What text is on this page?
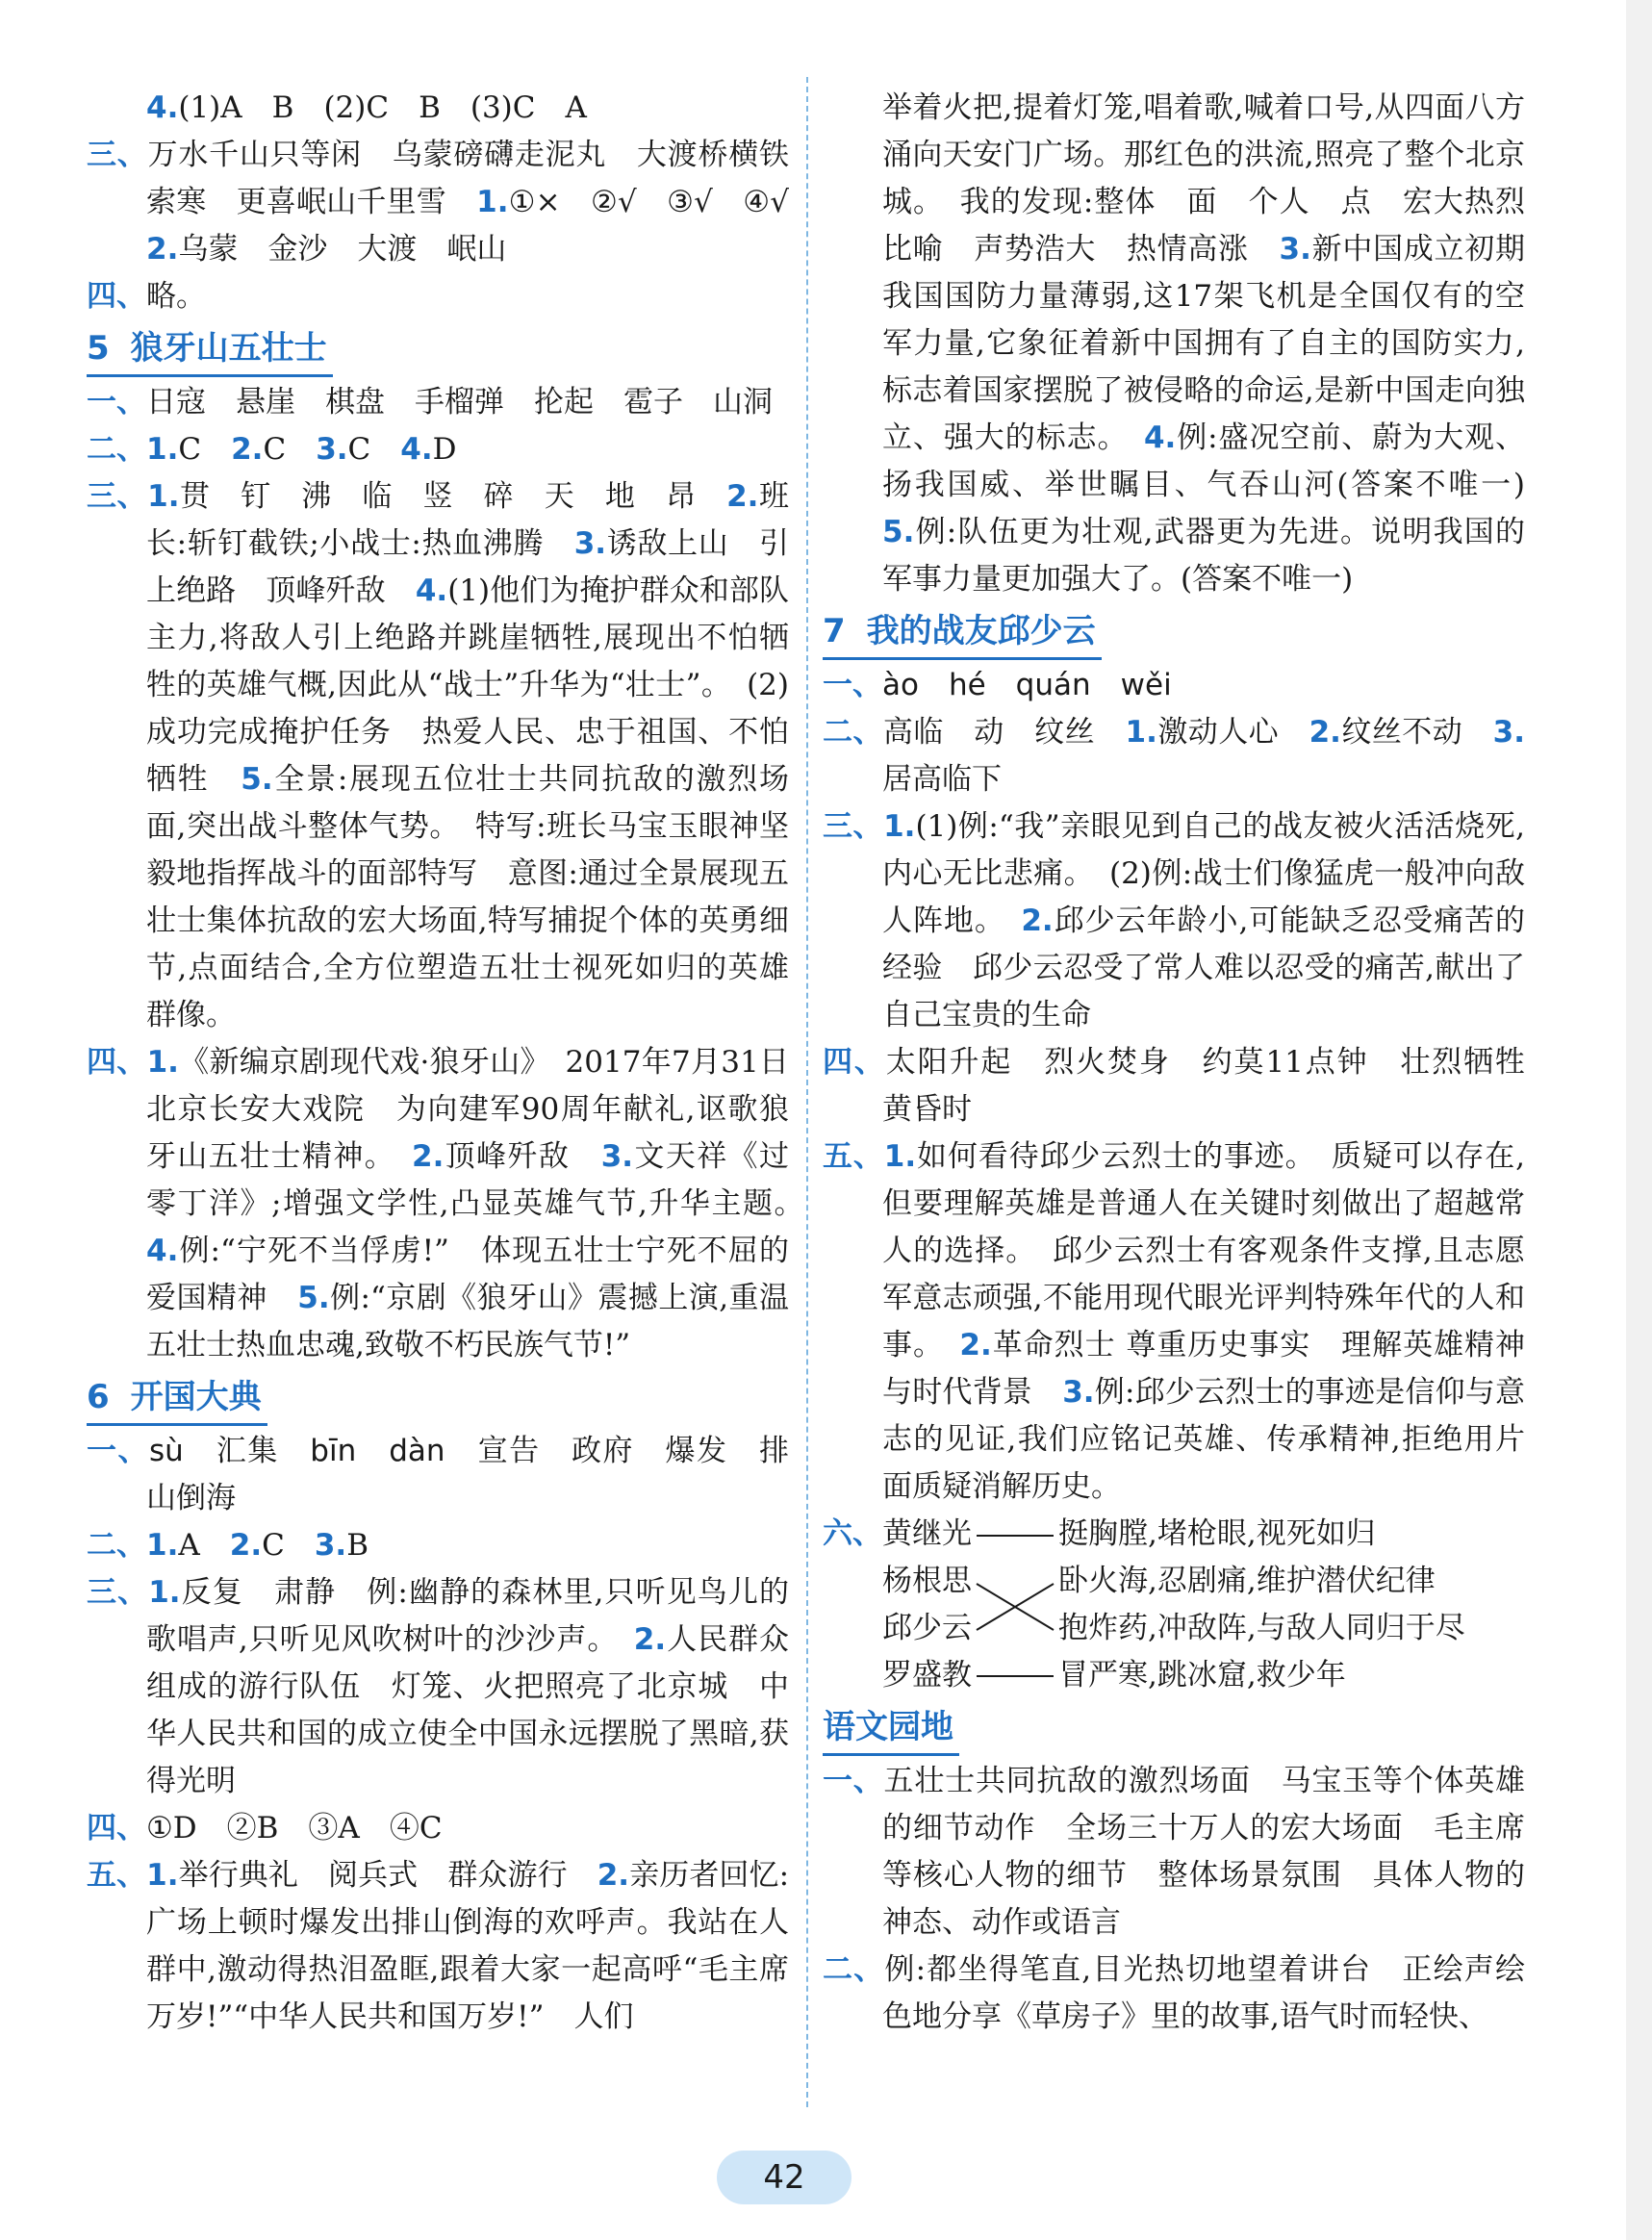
4.(1)A　B　(2)C　B　(3)C　A

三、万水千山只等闲　乌蒙磅礴走泥丸　大渡桥横铁索寒　更喜岷山千里雪　1.①×　②√　③√　④√　2.乌蒙　金沙　大渡　岷山

四、略。

5 狼牙山五壮士

一、日寇　悬崖　棋盘　手榴弹　抡起　雹子　山洞

二、1.C　2.C　3.C　4.D

三、1.贯　钉　沸　临　竖　碎　天　地　昂　2.班长:斩钉截铁;小战士:热血沸腾　3.诱敌上山　引上绝路　顶峰歼敌　4.(1)他们为掩护群众和部队主力,将敌人引上绝路并跳崖牺牲,展现出不怕牺牲的英雄气概,因此从“战士”升华为“壮士”。　(2)成功完成掩护任务　热爱人民、忠于祖国、不怕牺牲　5.全景:展现五位壮士共同抗敌的激烈场面,突出战斗整体气势。　特写:班长马宝玉眼神坚毅地指挥战斗的面部特写　意图:通过全景展现五壮士集体抗敌的宏大场面,特写捕捉个体的英勇细节,点面结合,全方位塑造五壮士视死如归的英雄群像。

四、1.《新编京剧现代戏·狼牙山》　2017年7月31日　北京长安大戏院　为向建军90周年献礼,讴歌狼牙山五壮士精神。　2.顶峰歼敌　3.文天祥《过零丁洋》;增强文学性,凸显英雄气节,升华主题。　4.例:“宁死不当俘虏!”　体现五壮士宁死不屈的爱国精神　5.例:“京剧《狼牙山》震撼上演,重温五壮士热血忠魂,致敬不朽民族气节!”

6 开国大典

一、sù　汇集　bīn　 dàn　宣告　政府　爆发　排山倒海

二、1.A　2.C　3.B

三、1.反复　肃静　例:幽静的森林里,只听见鸟儿的歌唱声,只听见风吹树叶的沙沙声。　2.人民群众组成的游行队伍　灯笼、火把照亮了北京城　中华人民共和国的成立使全中国永远摆脱了黑暗,获得光明

四、①D　②B　③A　④C

五、1.举行典礼　阅兵式　群众游行　2.亲历者回忆:广场上顿时爆发出排山倒海的欢呼声。我站在人群中,激动得热泪盈眶,跟着大家一起高呼“毛主席万岁!”“中华人民共和国万岁!”　人们

举着火把,提着灯笼,唱着歌,喊着口号,从四面八方涌向天安门广场。那红色的洪流,照亮了整个北京城。　我的发现:整体　面　个人　点　宏大热烈　比喻　声势浩大　热情高涨　3.新中国成立初期我国国防力量薄弱,这17架飞机是全国仅有的空军力量,它象征着新中国拥有了自主的国防实力,标志着国家摆脱了被侵略的命运,是新中国走向独立、强大的标志。　4.例:盛况空前、蔚为大观、扬我国威、举世瞩目、气吞山河(答案不唯一)　5.例:队伍更为壮观,武器更为先进。说明我国的军事力量更加强大了。(答案不唯一)

7 我的战友邱少云

一、ào　hé　quán　wěi

二、高临　动　纹丝　1.激动人心　2.纹丝不动　3.居高临下

三、1.(1)例:“我”亲眼见到自己的战友被火活活烧死,内心无比悲痛。　(2)例:战士们像猛虎一般冲向敌人阵地。　2.邱少云年龄小,可能缺乏忍受痛苦的经验　邱少云忍受了常人难以忍受的痛苦,献出了自己宝贵的生命

四、太阳升起　烈火焚身　约莫11点钟　壮烈牺牲　黄昏时

五、1.如何看待邱少云烈士的事迹。　质疑可以存在,但要理解英雄是普通人在关键时刻做出了超越常人的选择。　邱少云烈士有客观条件支撑,且志愿军意志顽强,不能用现代眼光评判特殊年代的人和事。　2.革命烈士 尊重历史事实　理解英雄精神与时代背景　3.例:邱少云烈士的事迹是信仰与意志的见证,我们应铭记英雄、传承精神,拒绝用片面质疑消解历史。

六、 黄继光
杨根思
邱少云
罗盛教
挺胸膛,堵枪眼,视死如归
卧火海,忍剧痛,维护潜伏纪律
抱炸药,冲敌阵,与敌人同归于尽
冒严寒,跳冰窟,救少年
语文园地

一、五壮士共同抗敌的激烈场面　马宝玉等个体英雄的细节动作　全场三十万人的宏大场面　毛主席等核心人物的细节　整体场景氛围　具体人物的神态、动作或语言

二、例:都坐得笔直,目光热切地望着讲台　正绘声绘色地分享《草房子》里的故事,语气时而轻快、

42
